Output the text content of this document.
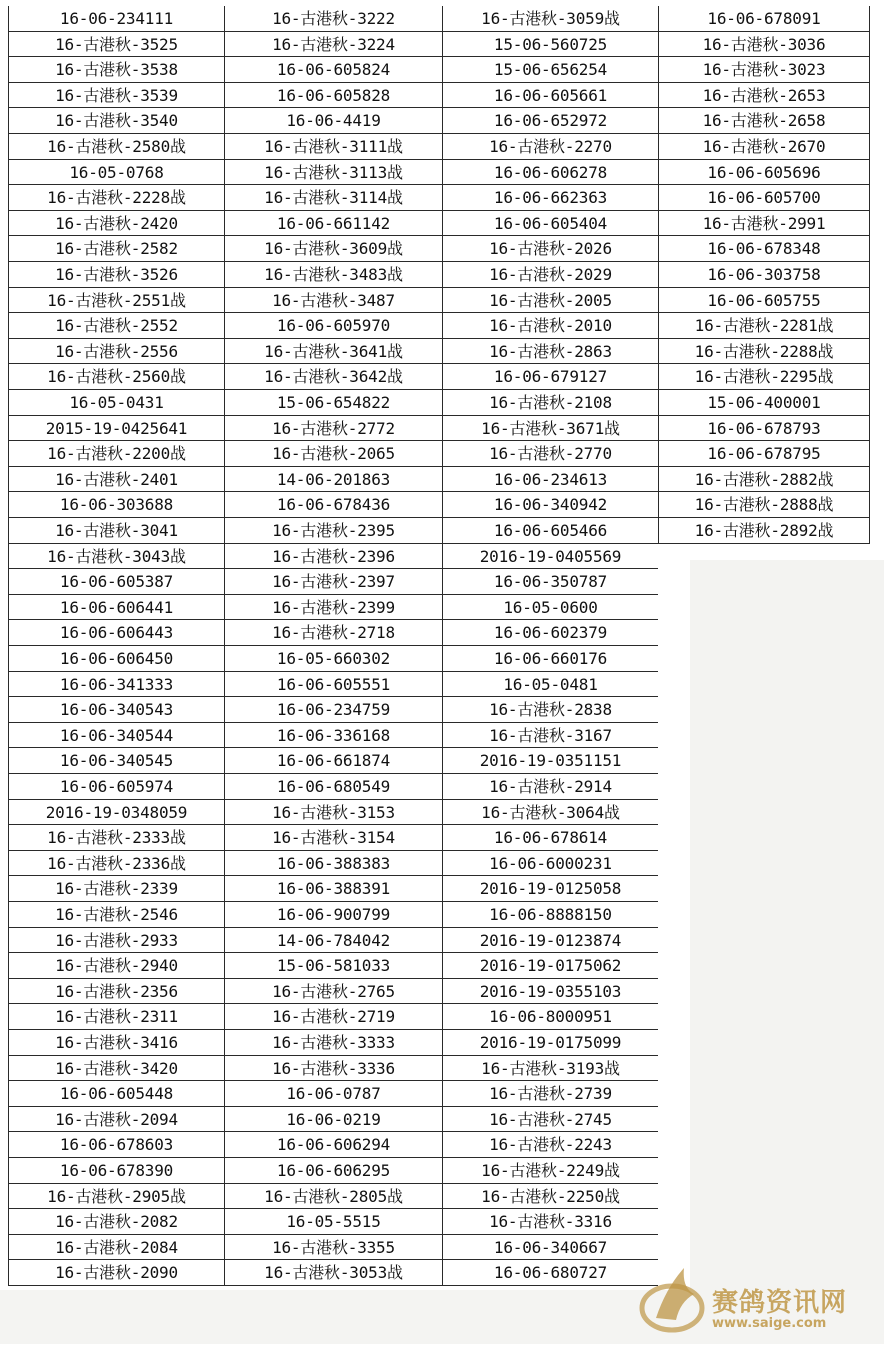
16-06-234111
16-古港秋-3525
16-古港秋-3538
16-古港秋-3539
16-古港秋-3540
16-古港秋-2580战
16-05-0768
16-古港秋-2228战
16-古港秋-2420
16-古港秋-2582
16-古港秋-3526
16-古港秋-2551战
16-古港秋-2552
16-古港秋-2556
16-古港秋-2560战
16-05-0431
2015-19-0425641
16-古港秋-2200战
16-古港秋-2401
16-06-303688
16-古港秋-3041
16-古港秋-3043战
16-06-605387
16-06-606441
16-06-606443
16-06-606450
16-06-341333
16-06-340543
16-06-340544
16-06-340545
16-06-605974
2016-19-0348059
16-古港秋-2333战
16-古港秋-2336战
16-古港秋-2339
16-古港秋-2546
16-古港秋-2933
16-古港秋-2940
16-古港秋-2356
16-古港秋-2311
16-古港秋-3416
16-古港秋-3420
16-06-605448
16-古港秋-2094
16-06-678603
16-06-678390
16-古港秋-2905战
16-古港秋-2082
16-古港秋-2084
16-古港秋-2090
16-古港秋-3222
16-古港秋-3224
16-06-605824
16-06-605828
16-06-4419
16-古港秋-3111战
16-古港秋-3113战
16-古港秋-3114战
16-06-661142
16-古港秋-3609战
16-古港秋-3483战
16-古港秋-3487
16-06-605970
16-古港秋-3641战
16-古港秋-3642战
15-06-654822
16-古港秋-2772
16-古港秋-2065
14-06-201863
16-06-678436
16-古港秋-2395
16-古港秋-2396
16-古港秋-2397
16-古港秋-2399
16-古港秋-2718
16-05-660302
16-06-605551
16-06-234759
16-06-336168
16-06-661874
16-06-680549
16-古港秋-3153
16-古港秋-3154
16-06-388383
16-06-388391
16-06-900799
14-06-784042
15-06-581033
16-古港秋-2765
16-古港秋-2719
16-古港秋-3333
16-古港秋-3336
16-06-0787
16-06-0219
16-06-606294
16-06-606295
16-古港秋-2805战
16-05-5515
16-古港秋-3355
16-古港秋-3053战
16-古港秋-3059战
15-06-560725
15-06-656254
16-06-605661
16-06-652972
16-古港秋-2270
16-06-606278
16-06-662363
16-06-605404
16-古港秋-2026
16-古港秋-2029
16-古港秋-2005
16-古港秋-2010
16-古港秋-2863
16-06-679127
16-古港秋-2108
16-古港秋-3671战
16-古港秋-2770
16-06-234613
16-06-340942
16-06-605466
2016-19-0405569
16-06-350787
16-05-0600
16-06-602379
16-06-660176
16-05-0481
16-古港秋-2838
16-古港秋-3167
2016-19-0351151
16-古港秋-2914
16-古港秋-3064战
16-06-678614
16-06-6000231
2016-19-0125058
16-06-8888150
2016-19-0123874
2016-19-0175062
2016-19-0355103
16-06-8000951
2016-19-0175099
16-古港秋-3193战
16-古港秋-2739
16-古港秋-2745
16-古港秋-2243
16-古港秋-2249战
16-古港秋-2250战
16-古港秋-3316
16-06-340667
16-06-680727
16-06-678091
16-古港秋-3036
16-古港秋-3023
16-古港秋-2653
16-古港秋-2658
16-古港秋-2670
16-06-605696
16-06-605700
16-古港秋-2991
16-06-678348
16-06-303758
16-06-605755
16-古港秋-2281战
16-古港秋-2288战
16-古港秋-2295战
15-06-400001
16-06-678793
16-06-678795
16-古港秋-2882战
16-古港秋-2888战
16-古港秋-2892战
赛鸽资讯网
www.saige.com
